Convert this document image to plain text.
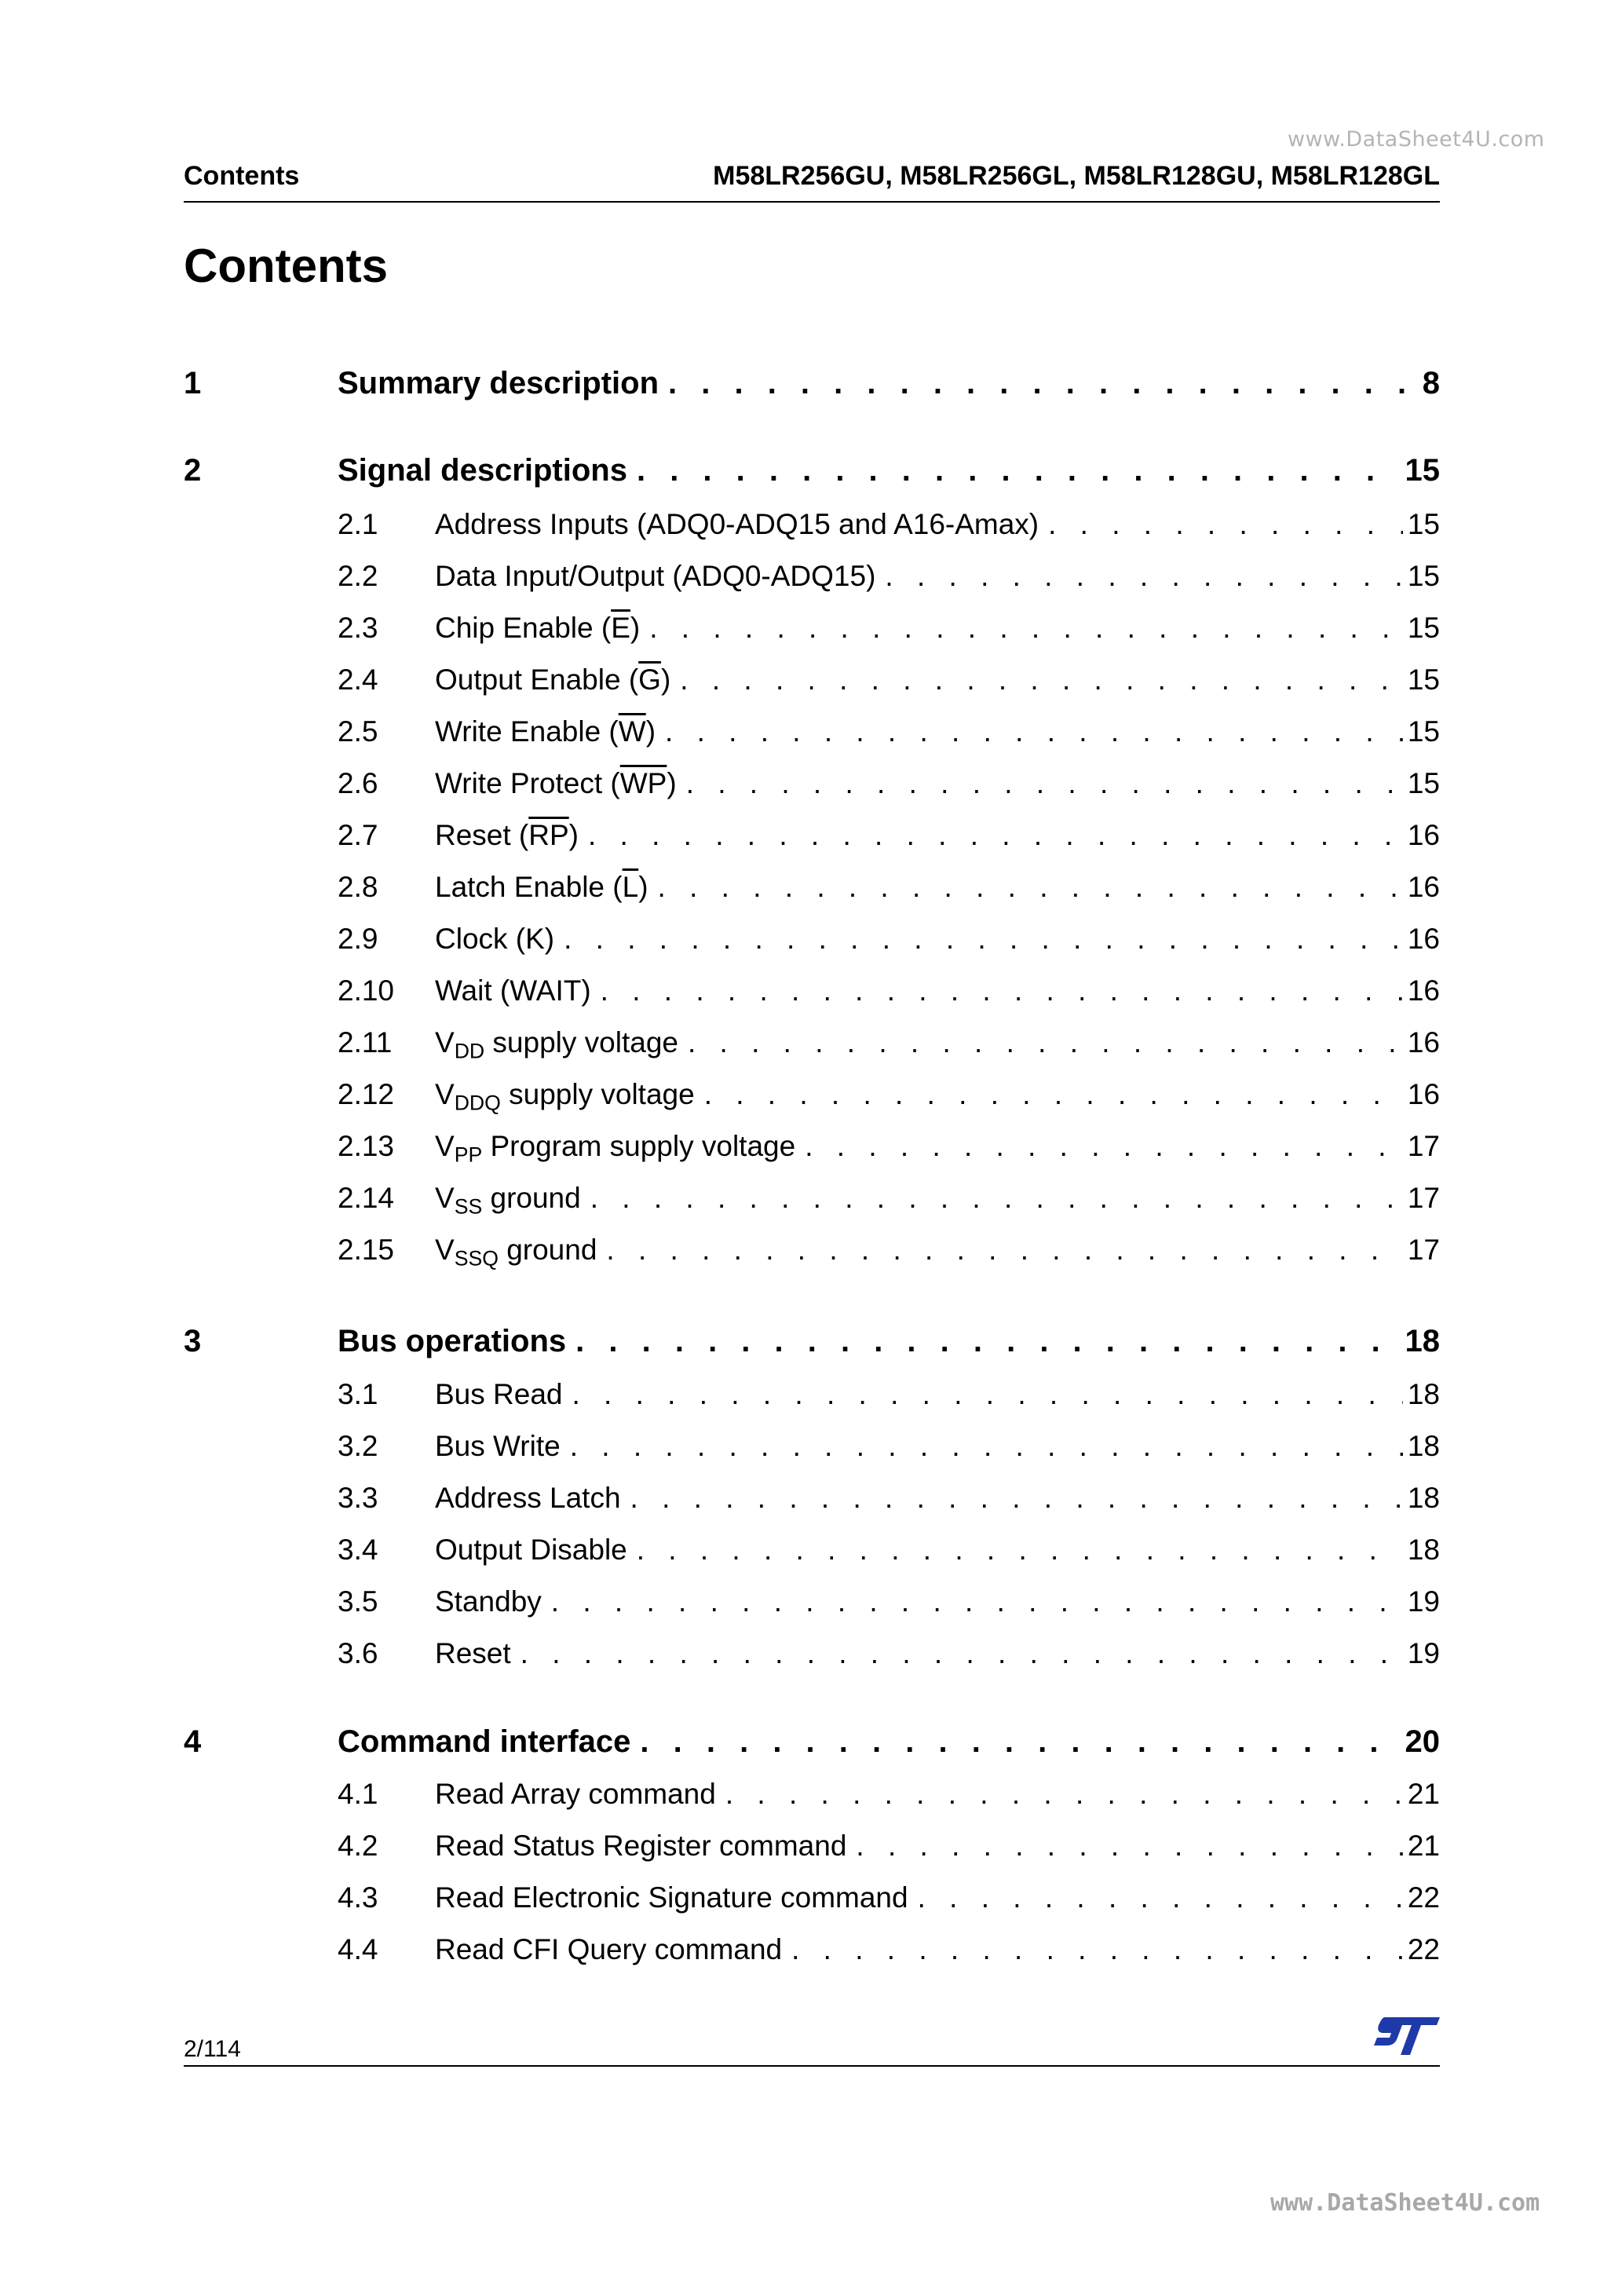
www.DataSheet4U.com
Contents	M58LR256GU, M58LR256GL, M58LR128GU, M58LR128GL
Contents
1	Summary description . . .	8
2	Signal descriptions . . .	15
2.1 Address Inputs (ADQ0-ADQ15 and A16-Amax) . . .	15
2.2 Data Input/Output (ADQ0-ADQ15) . . .	15
2.3 Chip Enable $(\overline{E})$ . . .	15
2.4 Output Enable $(\overline{G})$ . . .	15
2.5 Write Enable $(\overline{W})$ . . .	15
2.6 Write Protect $(\overline{WP})$ . . .	15
2.7 Reset $(\overline{RP})$ . . .	16
2.8 Latch Enable $(\overline{L})$ . . .	16
2.9 Clock (K) . . .	16
2.10 Wait (WAIT) . . .	16
2.11 $V_{DD}$ supply voltage . . .	16
2.12 $V_{DDQ}$ supply voltage . . .	16
2.13 $V_{PP}$ Program supply voltage . . .	17
2.14 $V_{SS}$ ground . . .	17
2.15 $V_{SSQ}$ ground . . .	17
3	Bus operations . . .	18
3.1 Bus Read . . .	18
3.2 Bus Write . . .	18
3.3 Address Latch . . .	18
3.4 Output Disable . . .	18
3.5 Standby . . .	19
3.6 Reset . . .	19
4	Command interface . . .	20
4.1 Read Array command . . .	21
4.2 Read Status Register command . . .	21
4.3 Read Electronic Signature command . . .	22
4.4 Read CFI Query command . . .	22
2/114
www.DataSheet4U.com
